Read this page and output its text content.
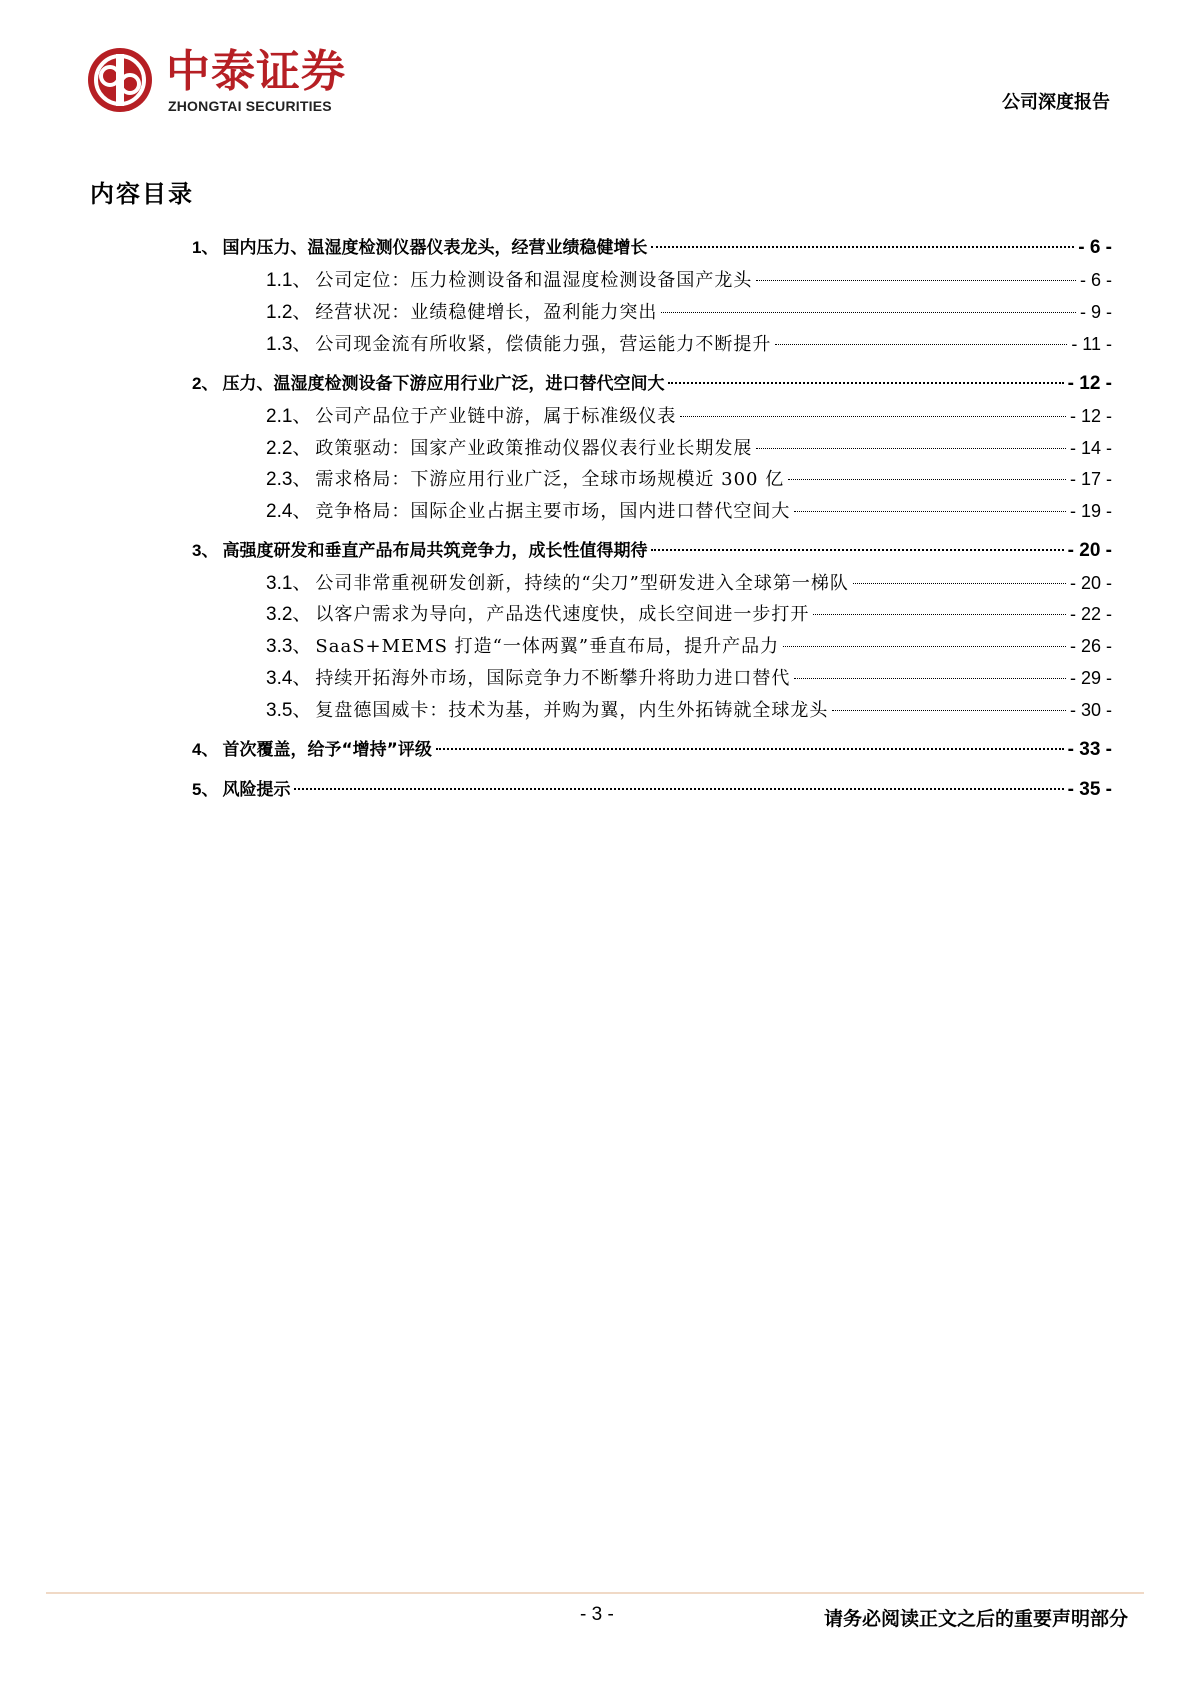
中泰证券
ZHONGTAI SECURITIES	公司深度报告
内容目录
1、 国内压力、温湿度检测仪器仪表龙头，经营业绩稳健增长	- 6 -
1.1、 公司定位：压力检测设备和温湿度检测设备国产龙头	- 6 -
1.2、 经营状况：业绩稳健增长，盈利能力突出	- 9 -
1.3、 公司现金流有所收紧，偿债能力强，营运能力不断提升	- 11 -
2、 压力、温湿度检测设备下游应用行业广泛，进口替代空间大	- 12 -
2.1、 公司产品位于产业链中游，属于标准级仪表	- 12 -
2.2、 政策驱动：国家产业政策推动仪器仪表行业长期发展	- 14 -
2.3、 需求格局：下游应用行业广泛，全球市场规模近 300 亿	- 17 -
2.4、 竞争格局：国际企业占据主要市场，国内进口替代空间大	- 19 -
3、 高强度研发和垂直产品布局共筑竞争力，成长性值得期待	- 20 -
3.1、 公司非常重视研发创新，持续的“尖刀”型研发进入全球第一梯队	- 20 -
3.2、 以客户需求为导向，产品迭代速度快，成长空间进一步打开	- 22 -
3.3、 SaaS+MEMS 打造“一体两翼”垂直布局，提升产品力	- 26 -
3.4、 持续开拓海外市场，国际竞争力不断攀升将助力进口替代	- 29 -
3.5、 复盘德国威卡：技术为基，并购为翼，内生外拓铸就全球龙头	- 30 -
4、 首次覆盖，给予“增持”评级	- 33 -
5、 风险提示	- 35 -
- 3 -	请务必阅读正文之后的重要声明部分
